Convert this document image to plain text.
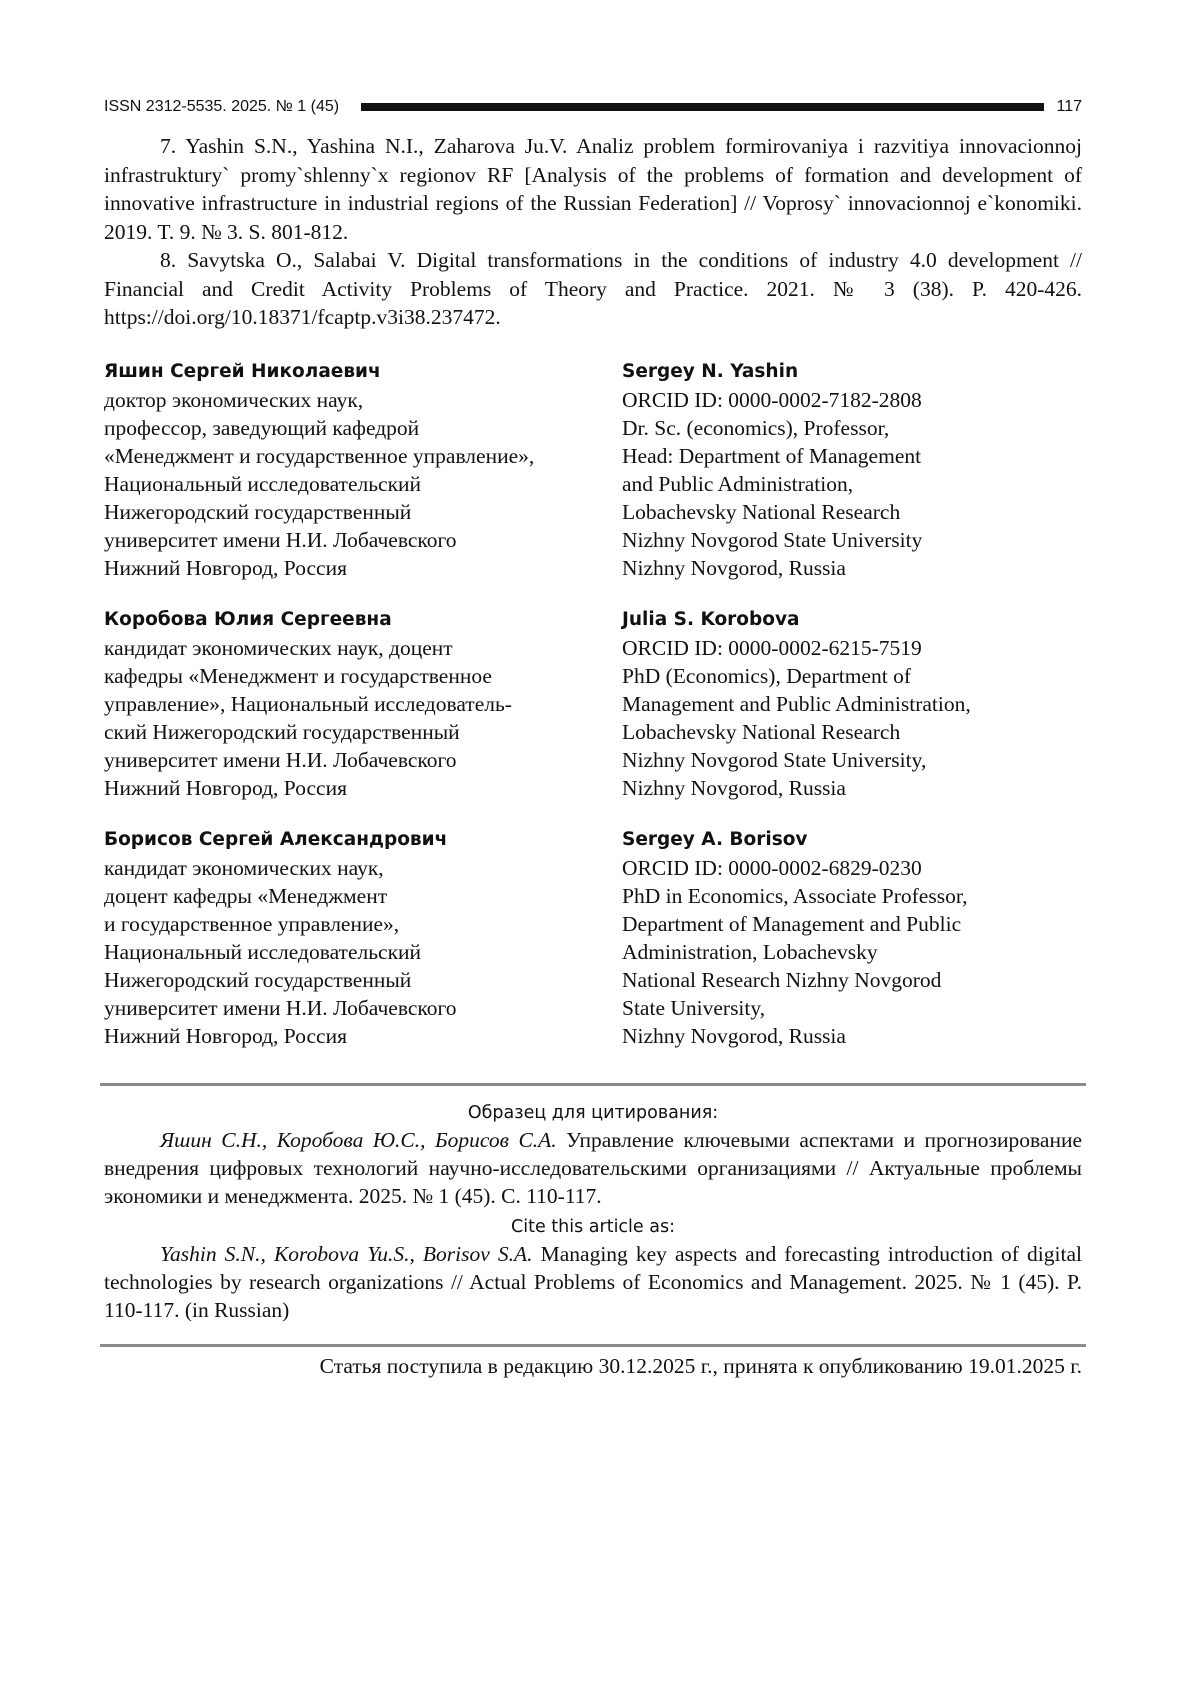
ISSN 2312-5535. 2025. № 1 (45)	117

7. Yashin S.N., Yashina N.I., Zaharova Ju.V. Analiz problem formirovaniya i razvitiya innovacionnoj infrastruktury` promy`shlenny`x regionov RF [Analysis of the problems of formation and development of innovative infrastructure in industrial regions of the Russian Federation] // Voprosy` innovacionnoj e`konomiki. 2019. T. 9. № 3. S. 801-812.

8. Savytska O., Salabai V. Digital transformations in the conditions of industry 4.0 development // Financial and Credit Activity Problems of Theory and Practice. 2021. № 3 (38). P. 420-426. https://doi.org/10.18371/fcaptp.v3i38.237472.

Яшин Сергей Николаевич
доктор экономических наук,
профессор, заведующий кафедрой
«Менеджмент и государственное управление»,
Национальный исследовательский
Нижегородский государственный
университет имени Н.И. Лобачевского
Нижний Новгород, Россия
Sergey N. Yashin
ORCID ID: 0000-0002-7182-2808
Dr. Sc. (economics), Professor,
Head: Department of Management
and Public Administration,
Lobachevsky National Research
Nizhny Novgorod State University
Nizhny Novgorod, Russia
Коробова Юлия Сергеевна
кандидат экономических наук, доцент
кафедры «Менеджмент и государственное
управление», Национальный исследователь-
ский Нижегородский государственный
университет имени Н.И. Лобачевского
Нижний Новгород, Россия
Julia S. Korobova
ORCID ID: 0000-0002-6215-7519
PhD (Economics), Department of
Management and Public Administration,
Lobachevsky National Research
Nizhny Novgorod State University,
Nizhny Novgorod, Russia
Борисов Сергей Александрович
кандидат экономических наук,
доцент кафедры «Менеджмент
и государственное управление»,
Национальный исследовательский
Нижегородский государственный
университет имени Н.И. Лобачевского
Нижний Новгород, Россия
Sergey A. Borisov
ORCID ID: 0000-0002-6829-0230
PhD in Economics, Associate Professor,
Department of Management and Public
Administration, Lobachevsky
National Research Nizhny Novgorod
State University,
Nizhny Novgorod, Russia
Образец для цитирования:

Яшин С.Н., Коробова Ю.С., Борисов С.А. Управление ключевыми аспектами и прогнозирование внедрения цифровых технологий научно-исследовательскими организациями // Актуальные проблемы экономики и менеджмента. 2025. № 1 (45). С. 110-117.

Cite this article as:

Yashin S.N., Korobova Yu.S., Borisov S.A. Managing key aspects and forecasting introduction of digital technologies by research organizations // Actual Problems of Economics and Management. 2025. № 1 (45). P. 110-117. (in Russian)

Статья поступила в редакцию 30.12.2025 г., принята к опубликованию 19.01.2025 г.
